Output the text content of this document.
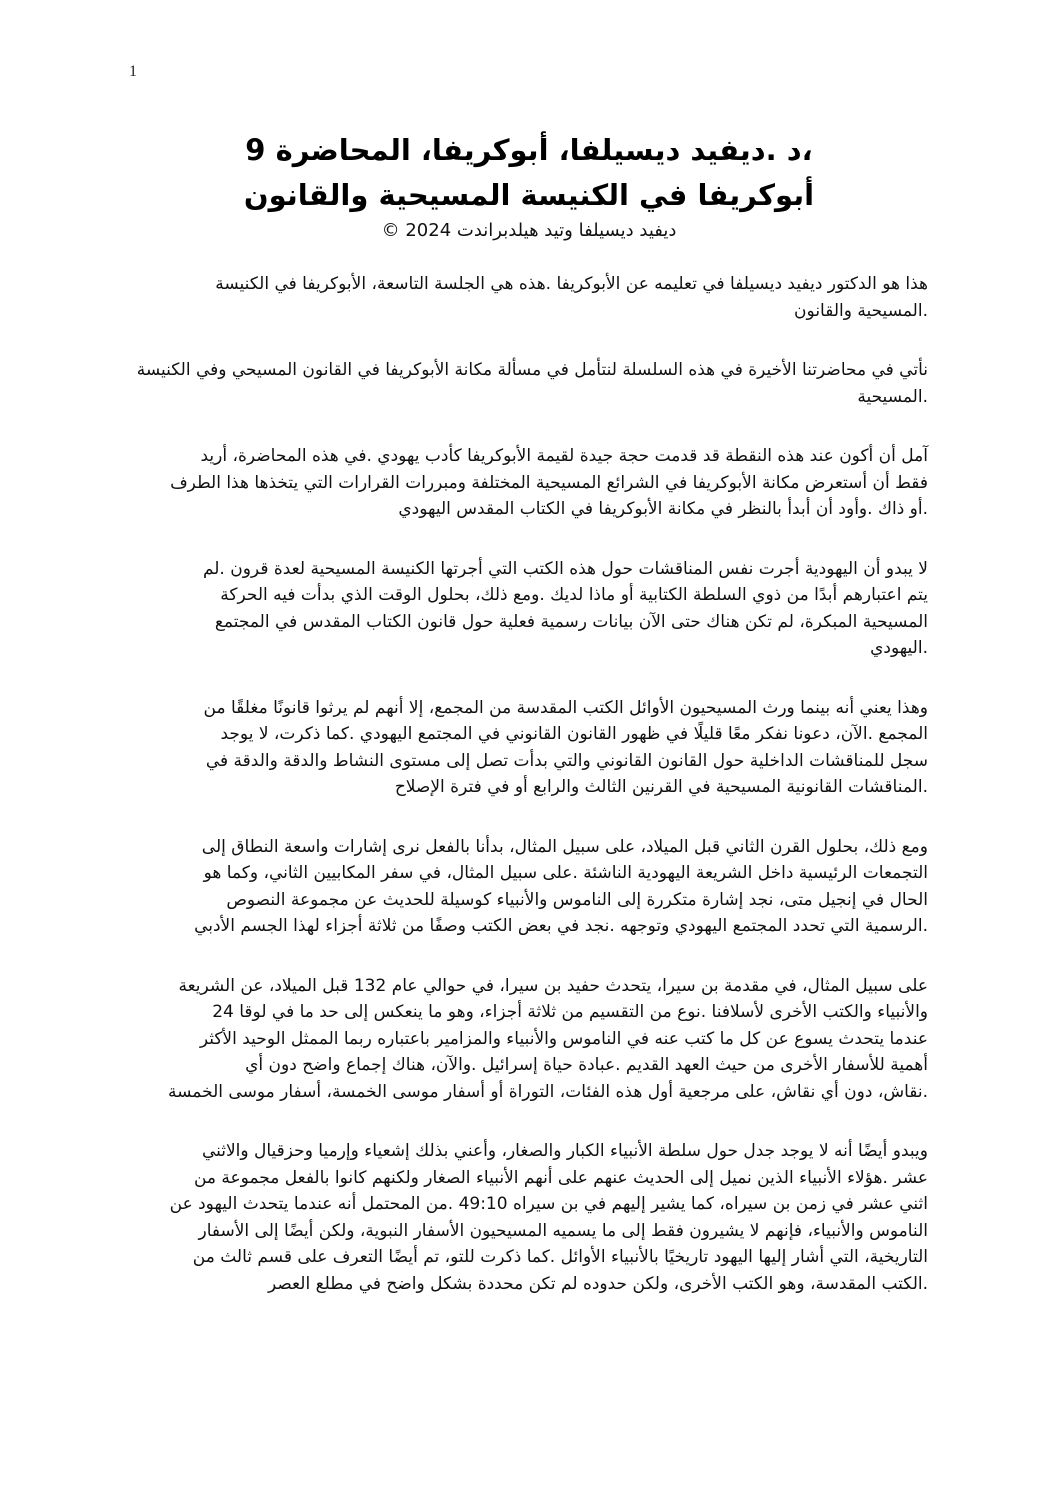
1
،د .ديفيد ديسيلفا، أبوكريفا، المحاضرة 9
أبوكريفا في الكنيسة المسيحية والقانون
ديفيد ديسيلفا وتيد هيلدبراندت 2024 ©
هذا هو الدكتور ديفيد ديسيلفا في تعليمه عن الأبوكريفا .هذه هي الجلسة التاسعة، الأبوكريفا في الكنيسة
.المسيحية والقانون
نأتي في محاضرتنا الأخيرة في هذه السلسلة لنتأمل في مسألة مكانة الأبوكريفا في القانون المسيحي وفي الكنيسة
.المسيحية
آمل أن أكون عند هذه النقطة قد قدمت حجة جيدة لقيمة الأبوكريفا كأدب يهودي .في هذه المحاضرة، أريد
فقط أن أستعرض مكانة الأبوكريفا في الشرائع المسيحية المختلفة ومبررات القرارات التي يتخذها هذا الطرف
.أو ذاك .وأود أن أبدأ بالنظر في مكانة الأبوكريفا في الكتاب المقدس اليهودي
لا يبدو أن اليهودية أجرت نفس المناقشات حول هذه الكتب التي أجرتها الكنيسة المسيحية لعدة قرون .لم
يتم اعتبارهم أبدًا من ذوي السلطة الكتابية أو ماذا لديك .ومع ذلك، بحلول الوقت الذي بدأت فيه الحركة
المسيحية المبكرة، لم تكن هناك حتى الآن بيانات رسمية فعلية حول قانون الكتاب المقدس في المجتمع
.اليهودي
وهذا يعني أنه بينما ورث المسيحيون الأوائل الكتب المقدسة من المجمع، إلا أنهم لم يرثوا قانونًا مغلقًا من
المجمع .الآن، دعونا نفكر معًا قليلًا في ظهور القانون القانوني في المجتمع اليهودي .كما ذكرت، لا يوجد
سجل للمناقشات الداخلية حول القانون القانوني والتي بدأت تصل إلى مستوى النشاط والدقة والدقة في
.المناقشات القانونية المسيحية في القرنين الثالث والرابع أو في فترة الإصلاح
ومع ذلك، بحلول القرن الثاني قبل الميلاد، على سبيل المثال، بدأنا بالفعل نرى إشارات واسعة النطاق إلى
التجمعات الرئيسية داخل الشريعة اليهودية الناشئة .على سبيل المثال، في سفر المكابيين الثاني، وكما هو
الحال في إنجيل متى، نجد إشارة متكررة إلى الناموس والأنبياء كوسيلة للحديث عن مجموعة النصوص
.الرسمية التي تحدد المجتمع اليهودي وتوجهه .نجد في بعض الكتب وصفًا من ثلاثة أجزاء لهذا الجسم الأدبي
على سبيل المثال، في مقدمة بن سيرا، يتحدث حفيد بن سيرا، في حوالي عام 132 قبل الميلاد، عن الشريعة
والأنبياء والكتب الأخرى لأسلافنا .نوع من التقسيم من ثلاثة أجزاء، وهو ما ينعكس إلى حد ما في لوقا 24
عندما يتحدث يسوع عن كل ما كتب عنه في الناموس والأنبياء والمزامير باعتباره ربما الممثل الوحيد الأكثر
أهمية للأسفار الأخرى من حيث العهد القديم .عبادة حياة إسرائيل .والآن، هناك إجماع واضح دون أي
.نقاش، دون أي نقاش، على مرجعية أول هذه الفئات، التوراة أو أسفار موسى الخمسة، أسفار موسى الخمسة
ويبدو أيضًا أنه لا يوجد جدل حول سلطة الأنبياء الكبار والصغار، وأعني بذلك إشعياء وإرميا وحزقيال والاثني
عشر .هؤلاء الأنبياء الذين نميل إلى الحديث عنهم على أنهم الأنبياء الصغار ولكنهم كانوا بالفعل مجموعة من
اثني عشر في زمن بن سيراه، كما يشير إليهم في بن سيراه 49:10 .من المحتمل أنه عندما يتحدث اليهود عن
الناموس والأنبياء، فإنهم لا يشيرون فقط إلى ما يسميه المسيحيون الأسفار النبوية، ولكن أيضًا إلى الأسفار
التاريخية، التي أشار إليها اليهود تاريخيًا بالأنبياء الأوائل .كما ذكرت للتو، تم أيضًا التعرف على قسم ثالث من
.الكتب المقدسة، وهو الكتب الأخرى، ولكن حدوده لم تكن محددة بشكل واضح في مطلع العصر
